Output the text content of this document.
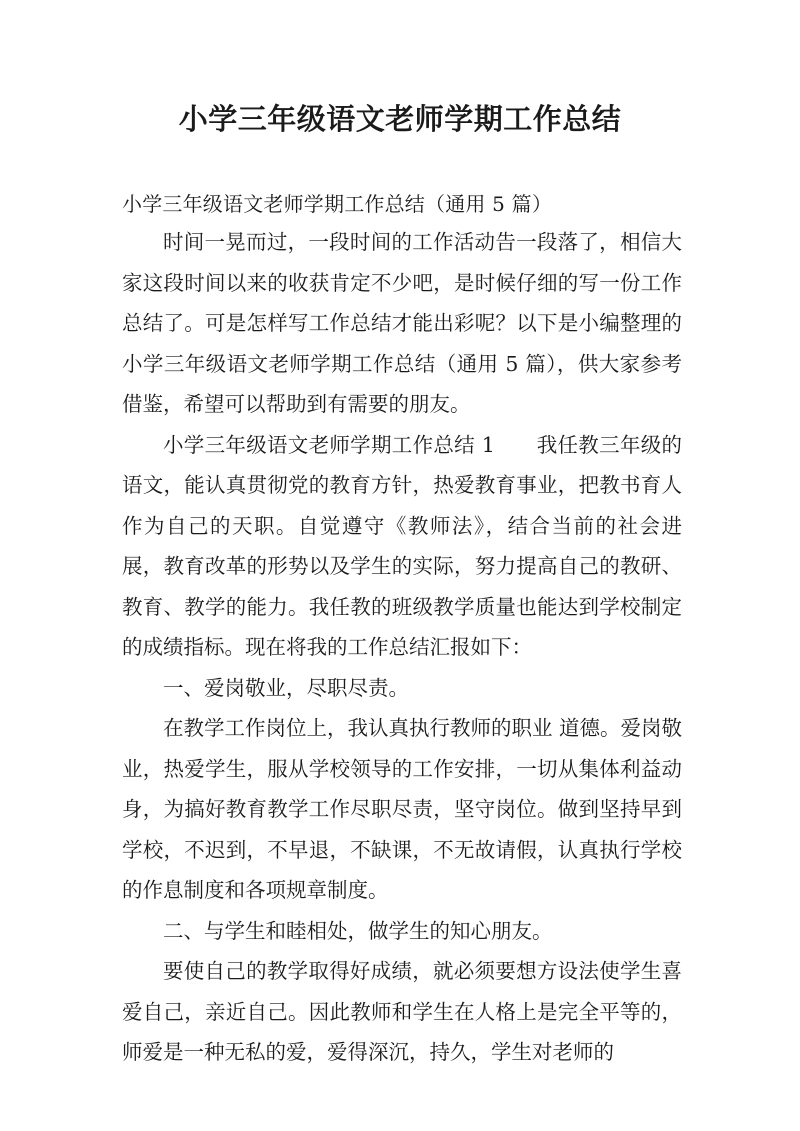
小学三年级语文老师学期工作总结

小学三年级语文老师学期工作总结（通用 5 篇）

时间一晃而过，一段时间的工作活动告一段落了，相信大家这段时间以来的收获肯定不少吧，是时候仔细的写一份工作总结了。可是怎样写工作总结才能出彩呢？以下是小编整理的小学三年级语文老师学期工作总结（通用 5 篇），供大家参考借鉴，希望可以帮助到有需要的朋友。

小学三年级语文老师学期工作总结 1　　我任教三年级的语文，能认真贯彻党的教育方针，热爱教育事业，把教书育人作为自己的天职。自觉遵守《教师法》，结合当前的社会进展，教育改革的形势以及学生的实际，努力提高自己的教研、教育、教学的能力。我任教的班级教学质量也能达到学校制定的成绩指标。现在将我的工作总结汇报如下：

一、爱岗敬业，尽职尽责。

在教学工作岗位上，我认真执行教师的职业 道德。爱岗敬业，热爱学生，服从学校领导的工作安排，一切从集体利益动身，为搞好教育教学工作尽职尽责，坚守岗位。做到坚持早到学校，不迟到，不早退，不缺课，不无故请假，认真执行学校的作息制度和各项规章制度。

二、与学生和睦相处，做学生的知心朋友。

要使自己的教学取得好成绩，就必须要想方设法使学生喜爱自己，亲近自己。因此教师和学生在人格上是完全平等的，师爱是一种无私的爱，爱得深沉，持久，学生对老师的
